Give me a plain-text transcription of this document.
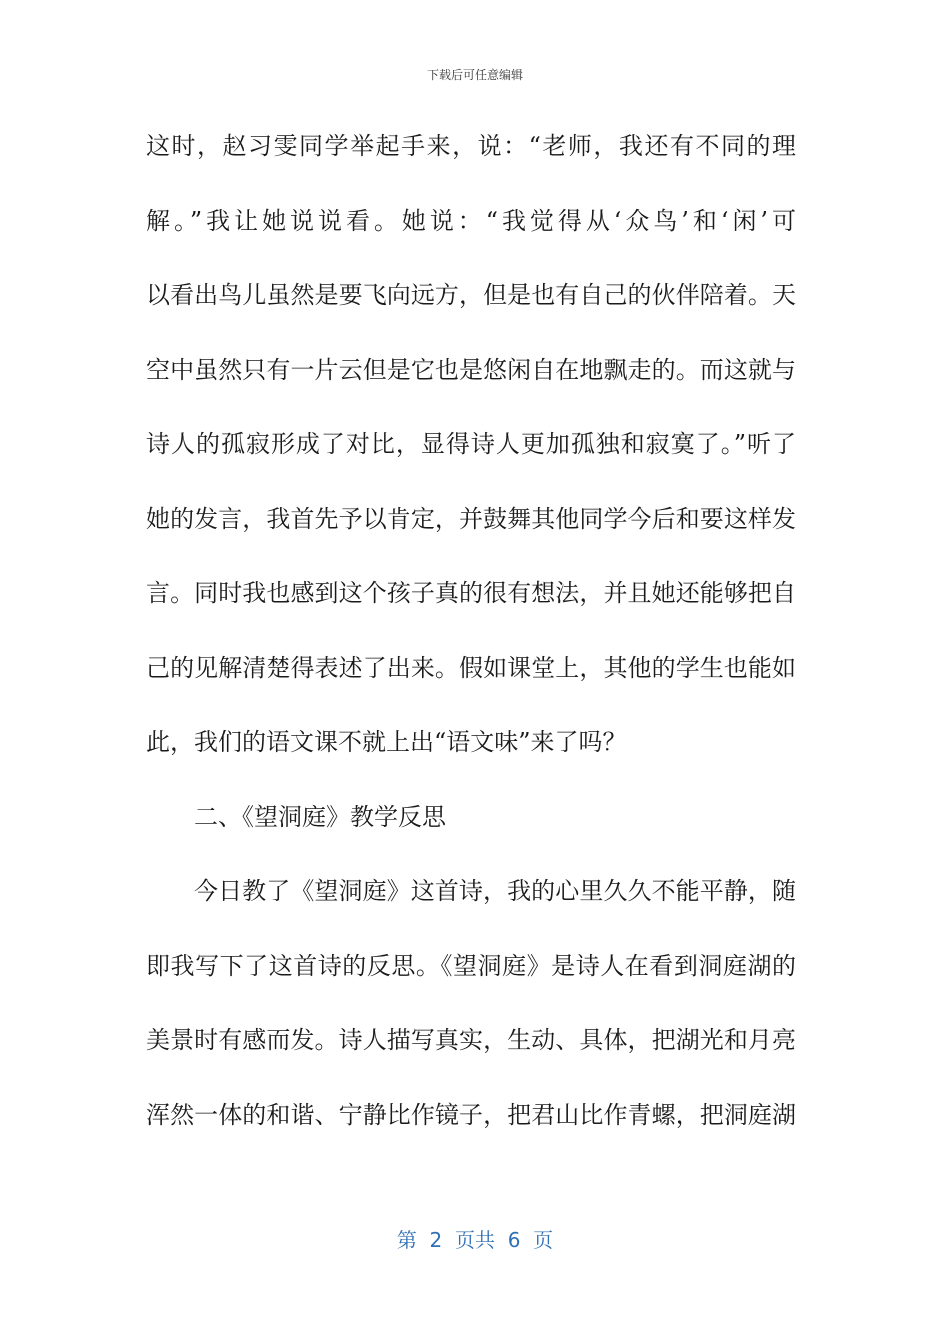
下载后可任意编辑
这时，赵习雯同学举起手来，说：“老师，我还有不同的理
解。”我让她说说看。她说：“我觉得从‘众鸟’和‘闲’可
以看出鸟儿虽然是要飞向远方，但是也有自己的伙伴陪着。天
空中虽然只有一片云但是它也是悠闲自在地飘走的。而这就与
诗人的孤寂形成了对比，显得诗人更加孤独和寂寞了。”听了
她的发言，我首先予以肯定，并鼓舞其他同学今后和要这样发
言。同时我也感到这个孩子真的很有想法，并且她还能够把自
己的见解清楚得表述了出来。假如课堂上，其他的学生也能如
此，我们的语文课不就上出“语文味”来了吗？
二、《望洞庭》教学反思
今日教了《望洞庭》这首诗，我的心里久久不能平静，随
即我写下了这首诗的反思。《望洞庭》是诗人在看到洞庭湖的
美景时有感而发。诗人描写真实，生动、具体，把湖光和月亮
浑然一体的和谐、宁静比作镜子，把君山比作青螺，把洞庭湖
第  2  页共  6  页
